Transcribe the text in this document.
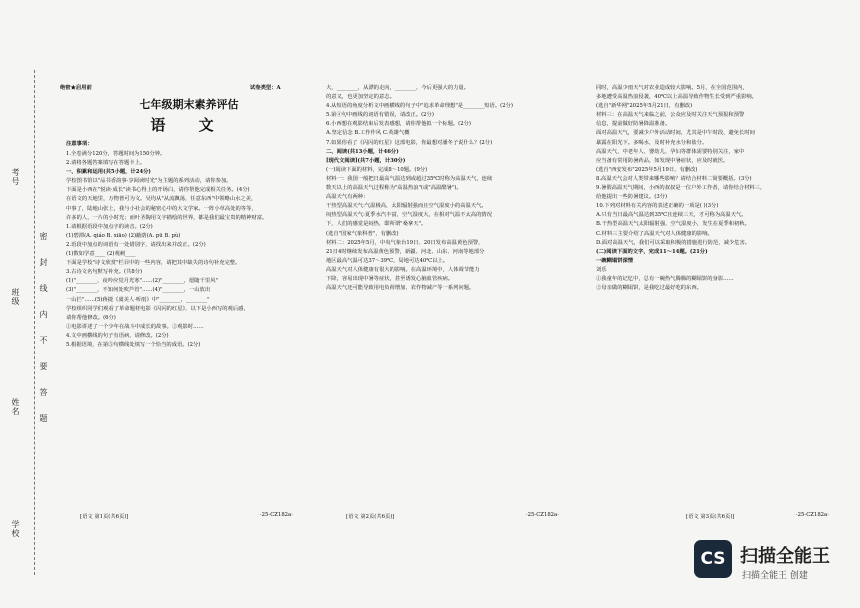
考号
班级
姓名
学校
密
封
线
内
不
要
答
题
绝密★启用前	试卷类型：A
七年级期末素养评估
语 文
注意事项：

1.全卷满分120分，答题时间为150分钟。

2.请将各题答案填写在答题卡上。

一、积累和运用(共5小题，计24分)

学校图书馆以"品书香韵事·享阅读时光"为主题的系列活动，请你参加。

下面是小西在"悦读·成长"读书心得上的开场白，请你帮他完成相关任务。(4分)

在语文的天地里，万物皆可为文。吴均从"从流飘荡，任意东西"中领略山水之美，

中事了，陆地山张上，我与小社会的秘密心中的大文学家。一阵小草高处的等等，

许多的人，一片的小时光；而叶圣陶用文字描绘的世界，都是我们最宝贵的精神财富。

1.请根据语段中加点字的读音。(2分)

(1)碧潭(A. qiáo B. xiāo) (2)蔽荫(A. pū B. pù)

2.语段中加点的词语有一处错别字，请找出来并改正。(2分)

(1)数如学意____ (2)观刺____

下面是学校"诗文欣赏"栏目中的一些内容，请把其中缺失的诗句补充完整。

3.古诗文名句默写补充。(共8分)

(1)"________，夜吟应觉月光寒"……(2)"________，愿随千里风"

(3)"________，不知何处吹芦管"……(4)"________，一山放出

一山拦"……(5)蒋捷《虞美人·听雨》中"________，________"

学校组织同学们观看了革命题材电影《闪闪的红星》，以下是小西写的观后感，

请你帮他修改。(6分)

①电影讲述了一个少年在战斗中成长的故事。②观影时……

4.文中画横线的句子有语病，请修改。(2分)

5.根据语境，在第⑤句横线处填写一个恰当的成语。(2分)

[语文 第1页(共6页)]	·25-CZ182a·

大，________，从漂的走向，________，今后更强大的力量。

的意义，也更加坚定的意志。

4.从短语的角度分析文中画横线的句子中"追求革命理想"是________短语。(2分)

5.第④句中画线的词语有错误，请改正。(2分)

6.小西想在观影结束后发表感想，请你帮他拟一个标题。(2分)

A.坚定信念 B.工作作风 C.英雄气概

7.如果你看了《闪闪的红星》这部电影，你最想对潘冬子说什么？(2分)

二、阅读(共13小题，计46分)

[现代文阅读](共7小题，计30分)

(一)阅读下面的材料，完成8～10题。(9分)

材料一：我国一般把日最高气温达到或超过35℃时称为高温天气，连续

数天以上的高温天气过程称为"高温热浪"(或"高温酷暑")。

高温天气有两种：

干热型高温天气:气温极高，太阳辐射强而且空气湿度小的高温天气。

闷热型高温天气:夏季水汽丰富，空气湿度大，在相对气温不太高的情况

下，人们的感觉是闷热，即所谓"桑拿天"。

(选自"国家气象科普"，有删改)

材料二：2025年5月，中央气象台19日、20日发布高温黄色预警，

21日4时继续发布高温黄色预警，新疆、河北、山东、河南等地部分

地区最高气温可达37～39℃，局地可达40℃以上。

高温天气对人体健康有很大的影响。在高温环境中，人体调节能力

下降，容易出现中暑等症状，甚至诱发心脑血管疾病。

高温天气还可能导致用电负荷增加、农作物减产等一系列问题。

[语文 第2页(共6页)]	·25-CZ182a·

同时，高温少雨天气对农业造成较大影响。5月，在全国范围内，

多地遭受高温热浪侵袭，40℃以上高温导致作物生长受到严重影响。

(选自"新华网"2025年5月21日，有删改)

材料三：在高温天气来临之前，公众应及时关注天气预报和预警

信息，提前做好防暑降温准备。

面对高温天气，要减少户外活动时间，尤其是中午时段，避免长时间

暴露在阳光下。多喝水，及时补充水分和盐分。

高温天气，中老年人、婴幼儿、孕妇等群体需要特别关注，家中

应当备有常用防暑药品，如发现中暑症状，应及时就医。

(选自"西安发布"2025年5月19日，有删改)

8.高温天气会对人类带来哪些影响？请结合材料二简要概括。(3分)

9.暑假高温天气期间，小西的叔叔是一位户外工作者，请你结合材料三，

给他提出一些防暑建议。(3分)

10.下列对材料有关内容的表述正确的一项是( )(3分)

A.只有当日最高气温达到35℃且连续三天，才可称为高温天气。

B.干热型高温天气太阳辐射强，空气湿度小，发生在夏季和初秋。

C.材料三主要介绍了高温天气对人体健康的影响。

D.面对高温天气，我们可以采取积极的措施进行防范，减少危害。

(二)阅读下面的文字，完成11～14题。(21分)

一碗糊塌饼深情

刘乐

①我童年的记忆中，总有一碗热气腾腾的糊塌饼的身影……

②母亲做的糊塌饼，是我吃过最好吃的东西。

[语文 第3页(共6页)]	·25-CZ182a·
CS 扫描全能王
扫描全能王 创建
